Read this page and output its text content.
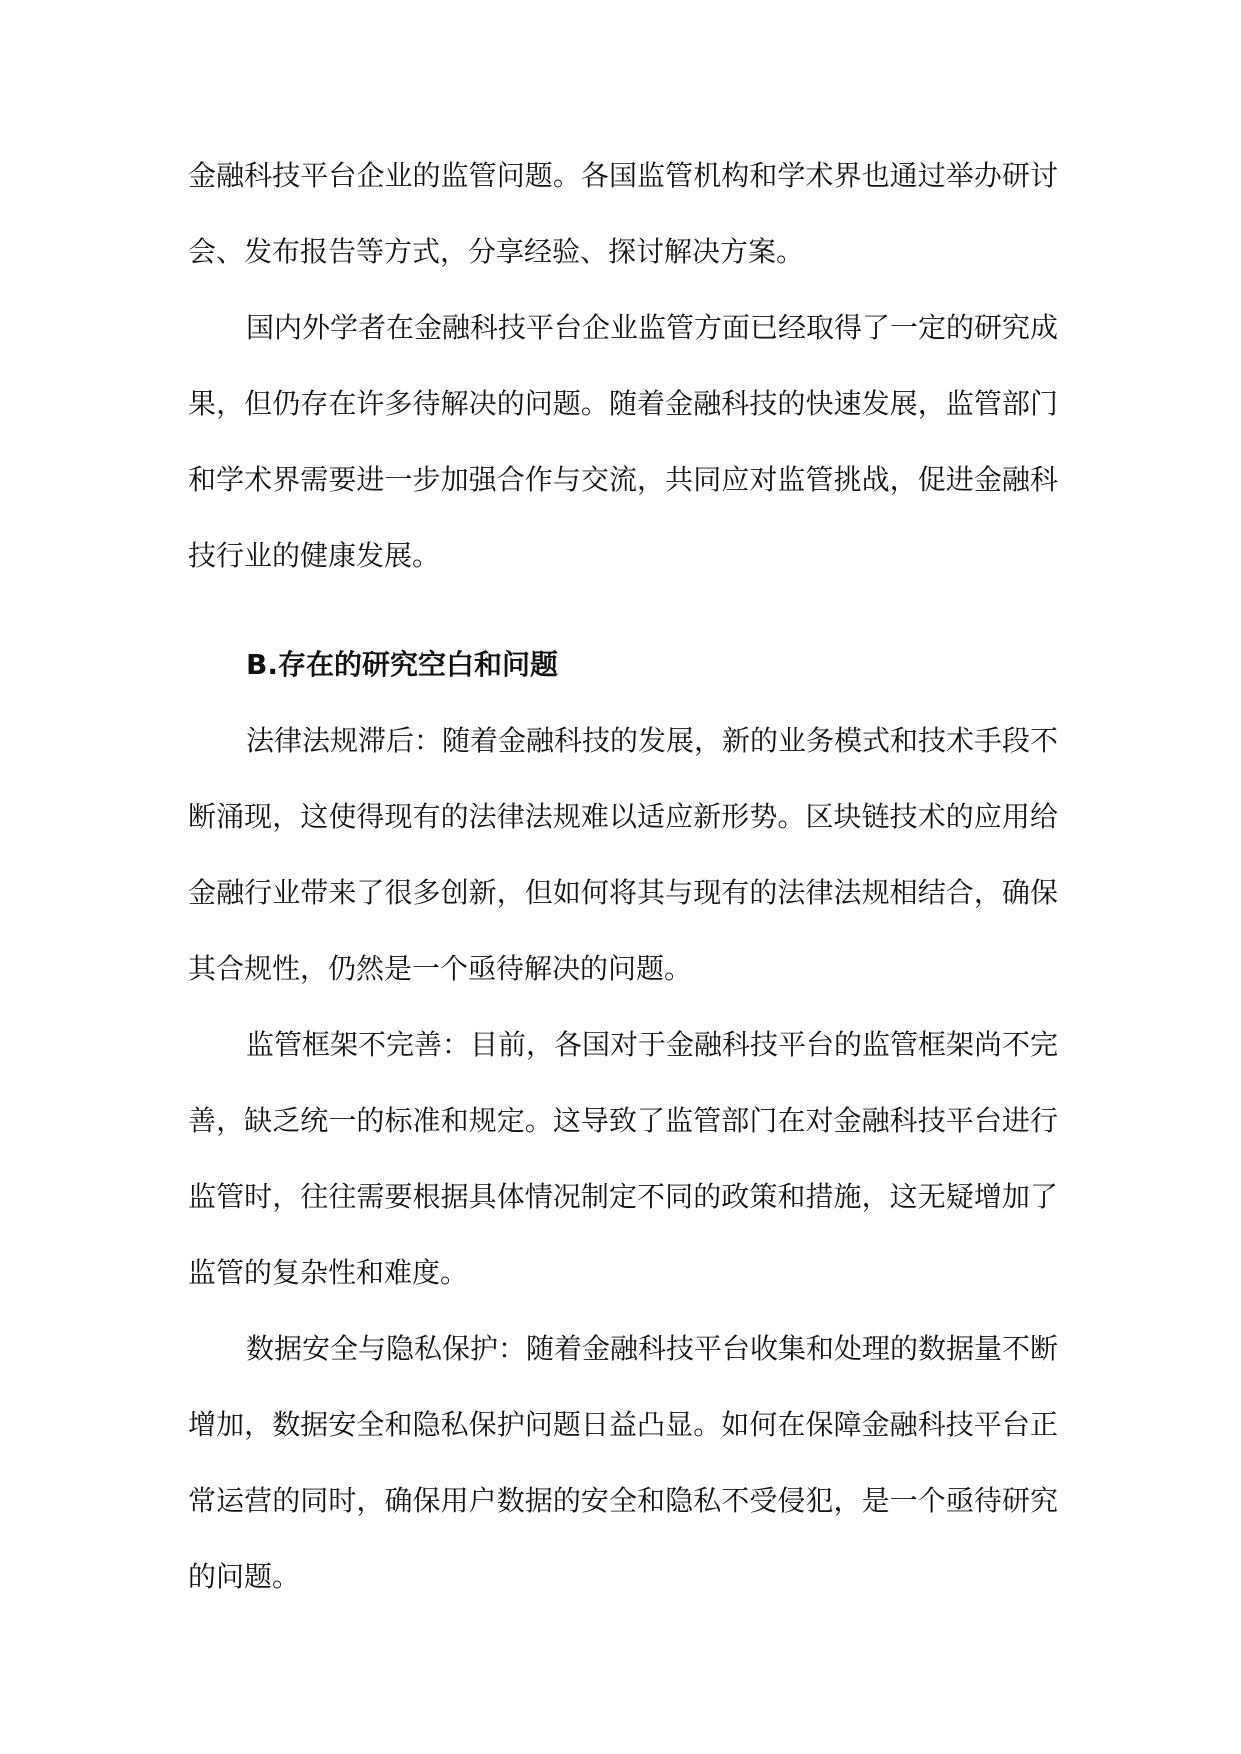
金融科技平台企业的监管问题。各国监管机构和学术界也通过举办研讨会、发布报告等方式，分享经验、探讨解决方案。

国内外学者在金融科技平台企业监管方面已经取得了一定的研究成果，但仍存在许多待解决的问题。随着金融科技的快速发展，监管部门和学术界需要进一步加强合作与交流，共同应对监管挑战，促进金融科技行业的健康发展。

B.存在的研究空白和问题

法律法规滞后：随着金融科技的发展，新的业务模式和技术手段不断涌现，这使得现有的法律法规难以适应新形势。区块链技术的应用给金融行业带来了很多创新，但如何将其与现有的法律法规相结合，确保其合规性，仍然是一个亟待解决的问题。

监管框架不完善：目前，各国对于金融科技平台的监管框架尚不完善，缺乏统一的标准和规定。这导致了监管部门在对金融科技平台进行监管时，往往需要根据具体情况制定不同的政策和措施，这无疑增加了监管的复杂性和难度。

数据安全与隐私保护：随着金融科技平台收集和处理的数据量不断增加，数据安全和隐私保护问题日益凸显。如何在保障金融科技平台正常运营的同时，确保用户数据的安全和隐私不受侵犯，是一个亟待研究的问题。
